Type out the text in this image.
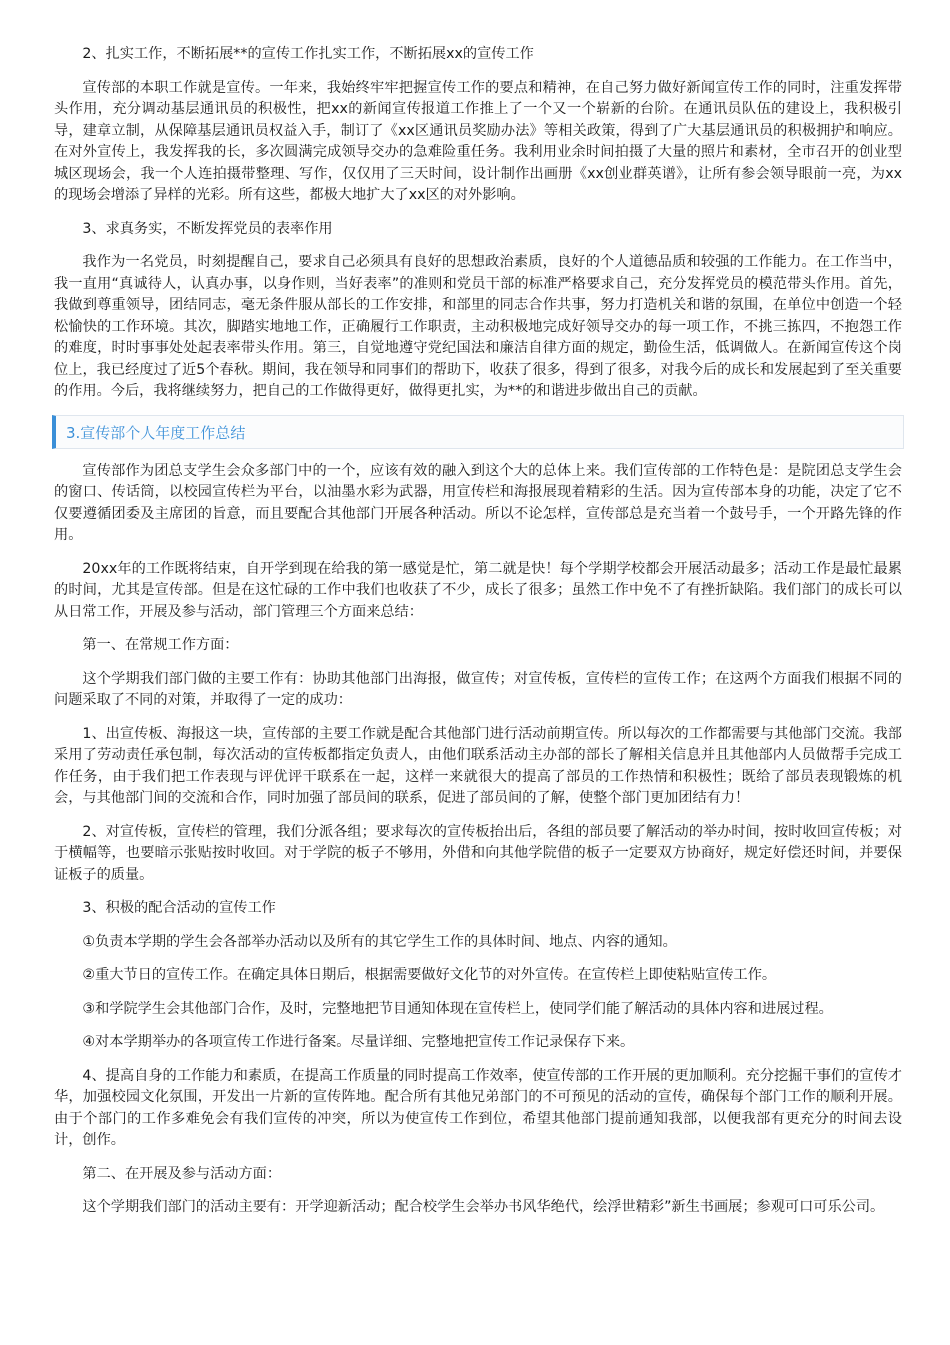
2、扎实工作，不断拓展**的宣传工作扎实工作，不断拓展xx的宣传工作

宣传部的本职工作就是宣传。一年来，我始终牢牢把握宣传工作的要点和精神，在自己努力做好新闻宣传工作的同时，注重发挥带头作用，充分调动基层通讯员的积极性，把xx的新闻宣传报道工作推上了一个又一个崭新的台阶。在通讯员队伍的建设上，我积极引导，建章立制，从保障基层通讯员权益入手，制订了《xx区通讯员奖励办法》等相关政策，得到了广大基层通讯员的积极拥护和响应。在对外宣传上，我发挥我的长，多次圆满完成领导交办的急难险重任务。我利用业余时间拍摄了大量的照片和素材，全市召开的创业型城区现场会，我一个人连拍摄带整理、写作，仅仅用了三天时间，设计制作出画册《xx创业群英谱》，让所有参会领导眼前一亮，为xx的现场会增添了异样的光彩。所有这些，都极大地扩大了xx区的对外影响。

3、求真务实，不断发挥党员的表率作用

我作为一名党员，时刻提醒自己，要求自己必须具有良好的思想政治素质，良好的个人道德品质和较强的工作能力。在工作当中，我一直用“真诚待人，认真办事，以身作则，当好表率”的准则和党员干部的标准严格要求自己，充分发挥党员的模范带头作用。首先，我做到尊重领导，团结同志，毫无条件服从部长的工作安排，和部里的同志合作共事，努力打造机关和谐的氛围，在单位中创造一个轻松愉快的工作环境。其次，脚踏实地地工作，正确履行工作职责，主动积极地完成好领导交办的每一项工作，不挑三拣四，不抱怨工作的难度，时时事事处处起表率带头作用。第三，自觉地遵守党纪国法和廉洁自律方面的规定，勤俭生活，低调做人。在新闻宣传这个岗位上，我已经度过了近5个春秋。期间，我在领导和同事们的帮助下，收获了很多，得到了很多，对我今后的成长和发展起到了至关重要的作用。今后，我将继续努力，把自己的工作做得更好，做得更扎实，为**的和谐进步做出自己的贡献。

3.宣传部个人年度工作总结

宣传部作为团总支学生会众多部门中的一个，应该有效的融入到这个大的总体上来。我们宣传部的工作特色是：是院团总支学生会的窗口、传话筒，以校园宣传栏为平台，以油墨水彩为武器，用宣传栏和海报展现着精彩的生活。因为宣传部本身的功能，决定了它不仅要遵循团委及主席团的旨意，而且要配合其他部门开展各种活动。所以不论怎样，宣传部总是充当着一个鼓号手，一个开路先锋的作用。

20xx年的工作既将结束，自开学到现在给我的第一感觉是忙，第二就是快！每个学期学校都会开展活动最多；活动工作是最忙最累的时间，尤其是宣传部。但是在这忙碌的工作中我们也收获了不少，成长了很多；虽然工作中免不了有挫折缺陷。我们部门的成长可以从日常工作，开展及参与活动，部门管理三个方面来总结：

第一、在常规工作方面：

这个学期我们部门做的主要工作有：协助其他部门出海报，做宣传；对宣传板，宣传栏的宣传工作；在这两个方面我们根据不同的问题采取了不同的对策，并取得了一定的成功：

1、出宣传板、海报这一块，宣传部的主要工作就是配合其他部门进行活动前期宣传。所以每次的工作都需要与其他部门交流。我部采用了劳动责任承包制，每次活动的宣传板都指定负责人，由他们联系活动主办部的部长了解相关信息并且其他部内人员做帮手完成工作任务，由于我们把工作表现与评优评干联系在一起，这样一来就很大的提高了部员的工作热情和积极性；既给了部员表现锻炼的机会，与其他部门间的交流和合作，同时加强了部员间的联系，促进了部员间的了解，使整个部门更加团结有力！

2、对宣传板，宣传栏的管理，我们分派各组；要求每次的宣传板抬出后，各组的部员要了解活动的举办时间，按时收回宣传板；对于横幅等，也要暗示张贴按时收回。对于学院的板子不够用，外借和向其他学院借的板子一定要双方协商好，规定好偿还时间，并要保证板子的质量。

3、积极的配合活动的宣传工作

①负责本学期的学生会各部举办活动以及所有的其它学生工作的具体时间、地点、内容的通知。

②重大节日的宣传工作。在确定具体日期后，根据需要做好文化节的对外宣传。在宣传栏上即使粘贴宣传工作。

③和学院学生会其他部门合作，及时，完整地把节目通知体现在宣传栏上，使同学们能了解活动的具体内容和进展过程。

④对本学期举办的各项宣传工作进行备案。尽量详细、完整地把宣传工作记录保存下来。

4、提高自身的工作能力和素质，在提高工作质量的同时提高工作效率，使宣传部的工作开展的更加顺利。充分挖掘干事们的宣传才华，加强校园文化氛围，开发出一片新的宣传阵地。配合所有其他兄弟部门的不可预见的活动的宣传，确保每个部门工作的顺利开展。由于个部门的工作多难免会有我们宣传的冲突，所以为使宣传工作到位，希望其他部门提前通知我部，以便我部有更充分的时间去设计，创作。

第二、在开展及参与活动方面：

这个学期我们部门的活动主要有：开学迎新活动；配合校学生会举办书风华绝代，绘浮世精彩”新生书画展；参观可口可乐公司。
